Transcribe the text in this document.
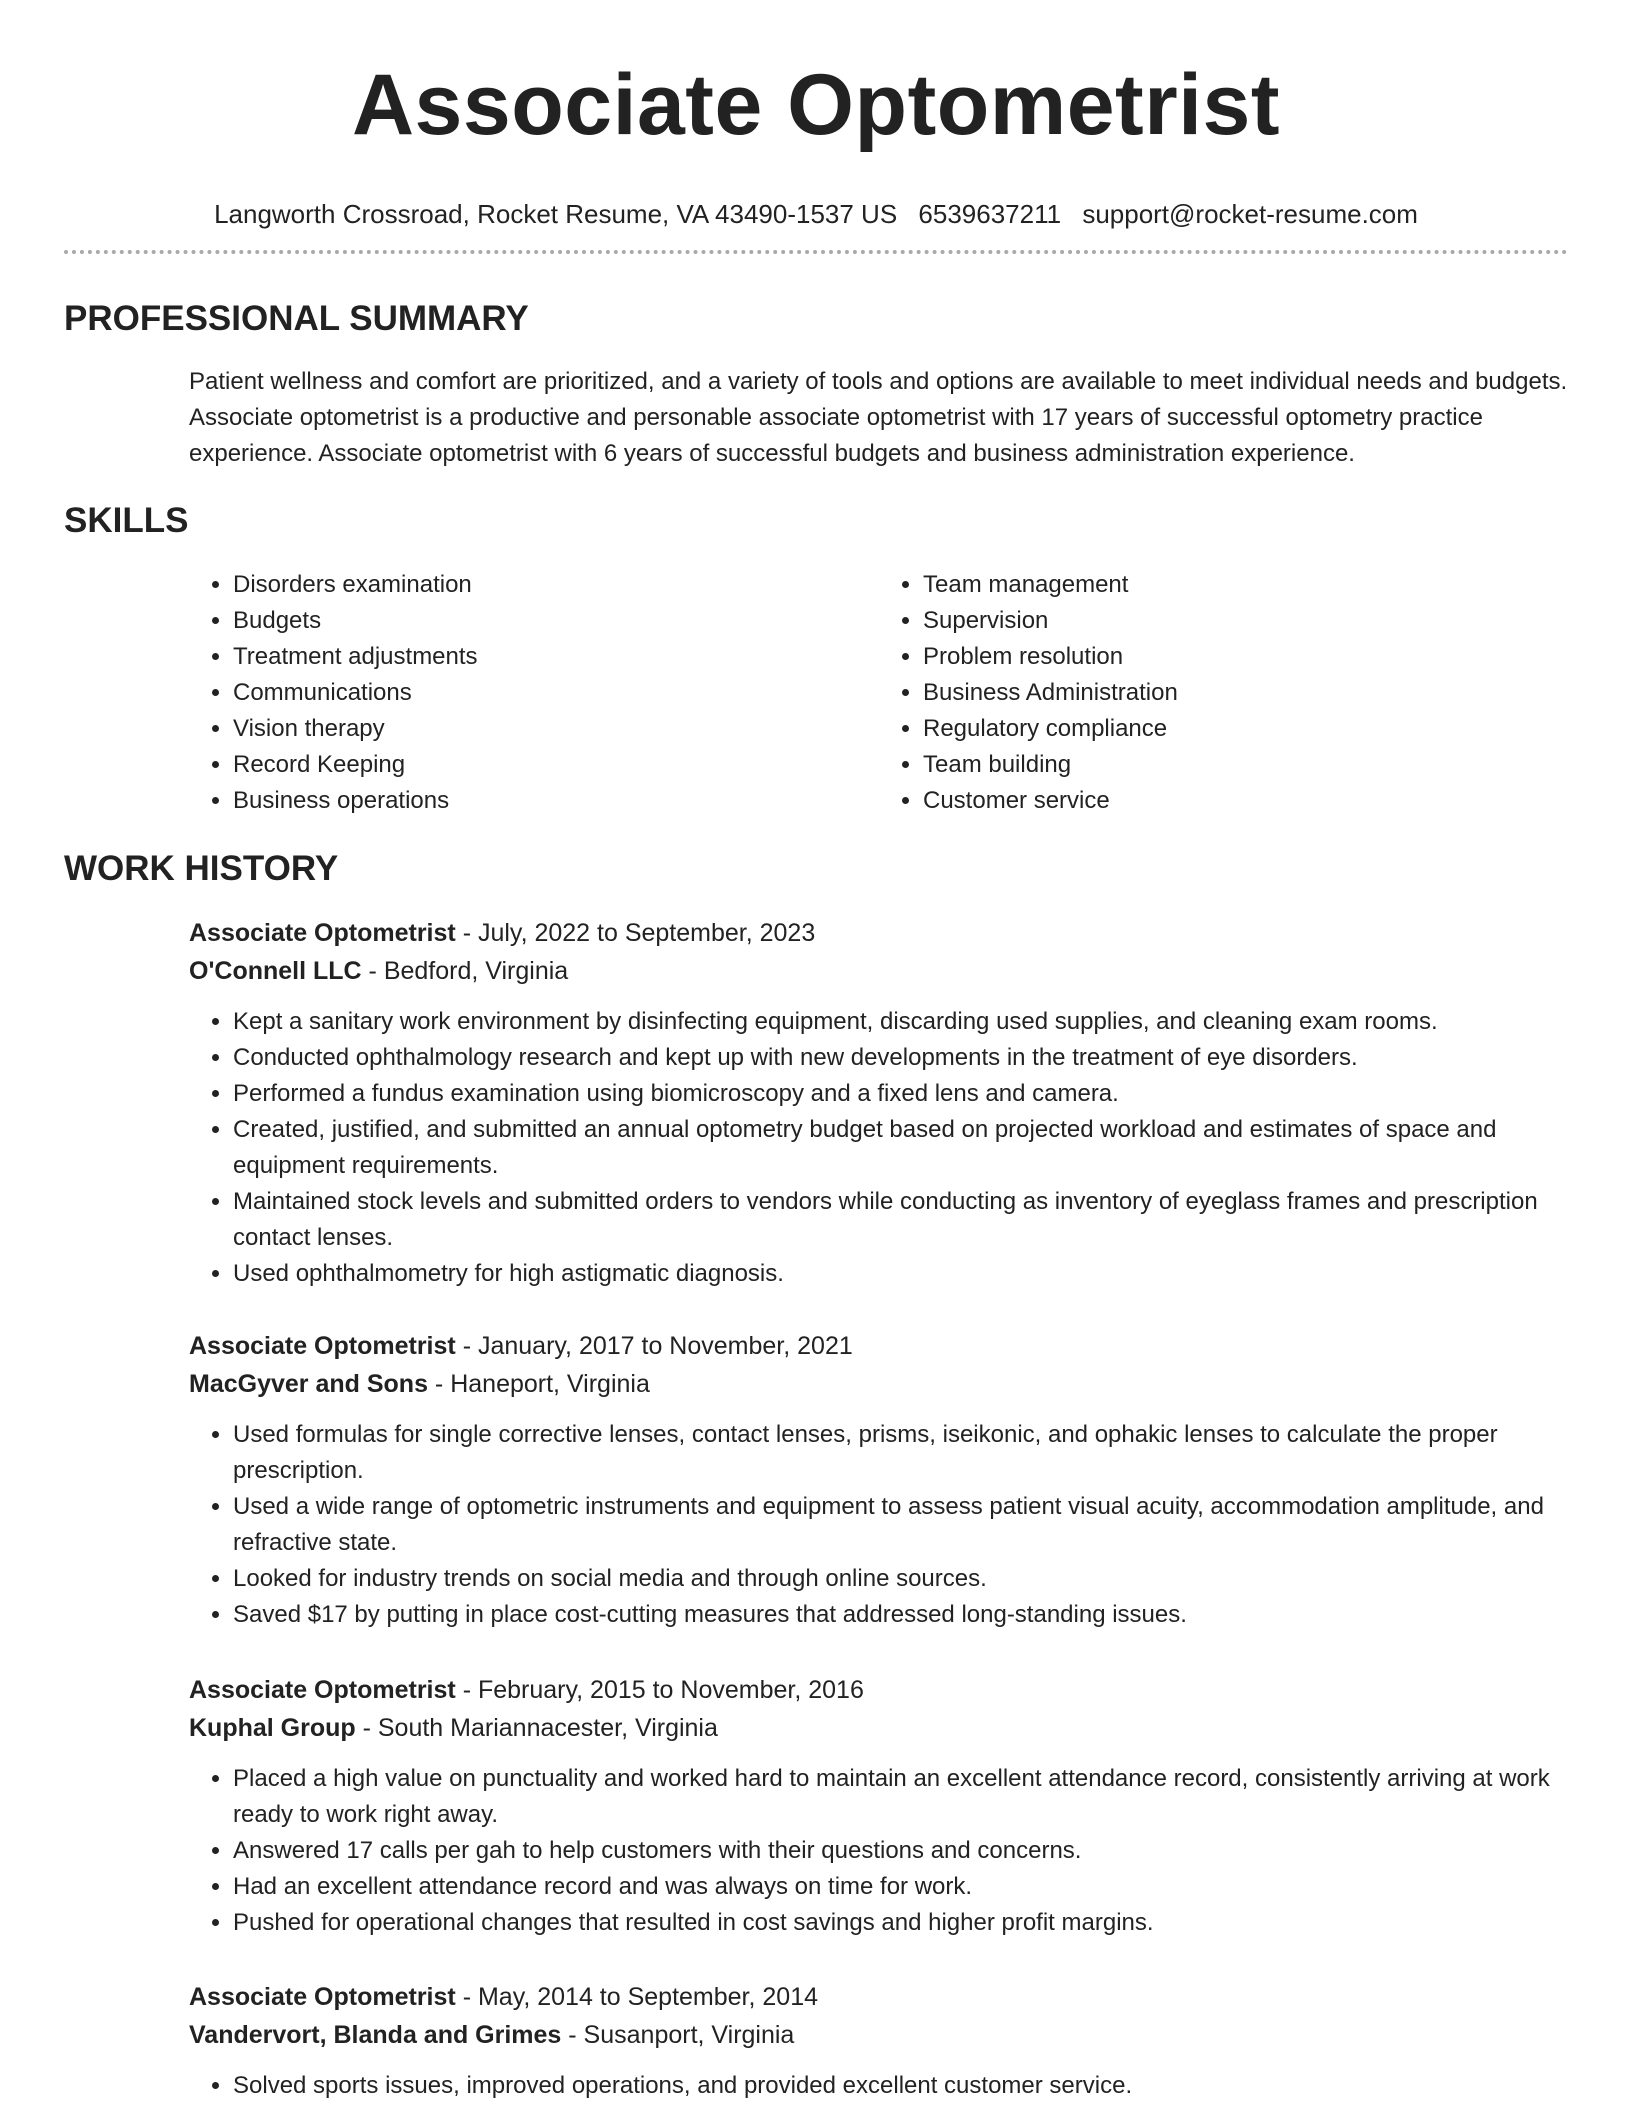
Associate Optometrist
Langworth Crossroad, Rocket Resume, VA 43490-1537 US 6539637211 support@rocket-resume.com
PROFESSIONAL SUMMARY

Patient wellness and comfort are prioritized, and a variety of tools and options are available to meet individual needs and budgets. Associate optometrist is a productive and personable associate optometrist with 17 years of successful optometry practice experience. Associate optometrist with 6 years of successful budgets and business administration experience.

SKILLS
• Disorders examination
• Budgets
• Treatment adjustments
• Communications
• Vision therapy
• Record Keeping
• Business operations
• Team management
• Supervision
• Problem resolution
• Business Administration
• Regulatory compliance
• Team building
• Customer service
WORK HISTORY

Associate Optometrist - July, 2022 to September, 2023

O'Connell LLC - Bedford, Virginia

• Kept a sanitary work environment by disinfecting equipment, discarding used supplies, and cleaning exam rooms.
• Conducted ophthalmology research and kept up with new developments in the treatment of eye disorders.
• Performed a fundus examination using biomicroscopy and a fixed lens and camera.
• Created, justified, and submitted an annual optometry budget based on projected workload and estimates of space and equipment requirements.
• Maintained stock levels and submitted orders to vendors while conducting as inventory of eyeglass frames and prescription contact lenses.
• Used ophthalmometry for high astigmatic diagnosis.

Associate Optometrist - January, 2017 to November, 2021

MacGyver and Sons - Haneport, Virginia

• Used formulas for single corrective lenses, contact lenses, prisms, iseikonic, and ophakic lenses to calculate the proper prescription.
• Used a wide range of optometric instruments and equipment to assess patient visual acuity, accommodation amplitude, and refractive state.
• Looked for industry trends on social media and through online sources.
• Saved $17 by putting in place cost-cutting measures that addressed long-standing issues.

Associate Optometrist - February, 2015 to November, 2016

Kuphal Group - South Mariannacester, Virginia

• Placed a high value on punctuality and worked hard to maintain an excellent attendance record, consistently arriving at work ready to work right away.
• Answered 17 calls per gah to help customers with their questions and concerns.
• Had an excellent attendance record and was always on time for work.
• Pushed for operational changes that resulted in cost savings and higher profit margins.

Associate Optometrist - May, 2014 to September, 2014

Vandervort, Blanda and Grimes - Susanport, Virginia

• Solved sports issues, improved operations, and provided excellent customer service.
